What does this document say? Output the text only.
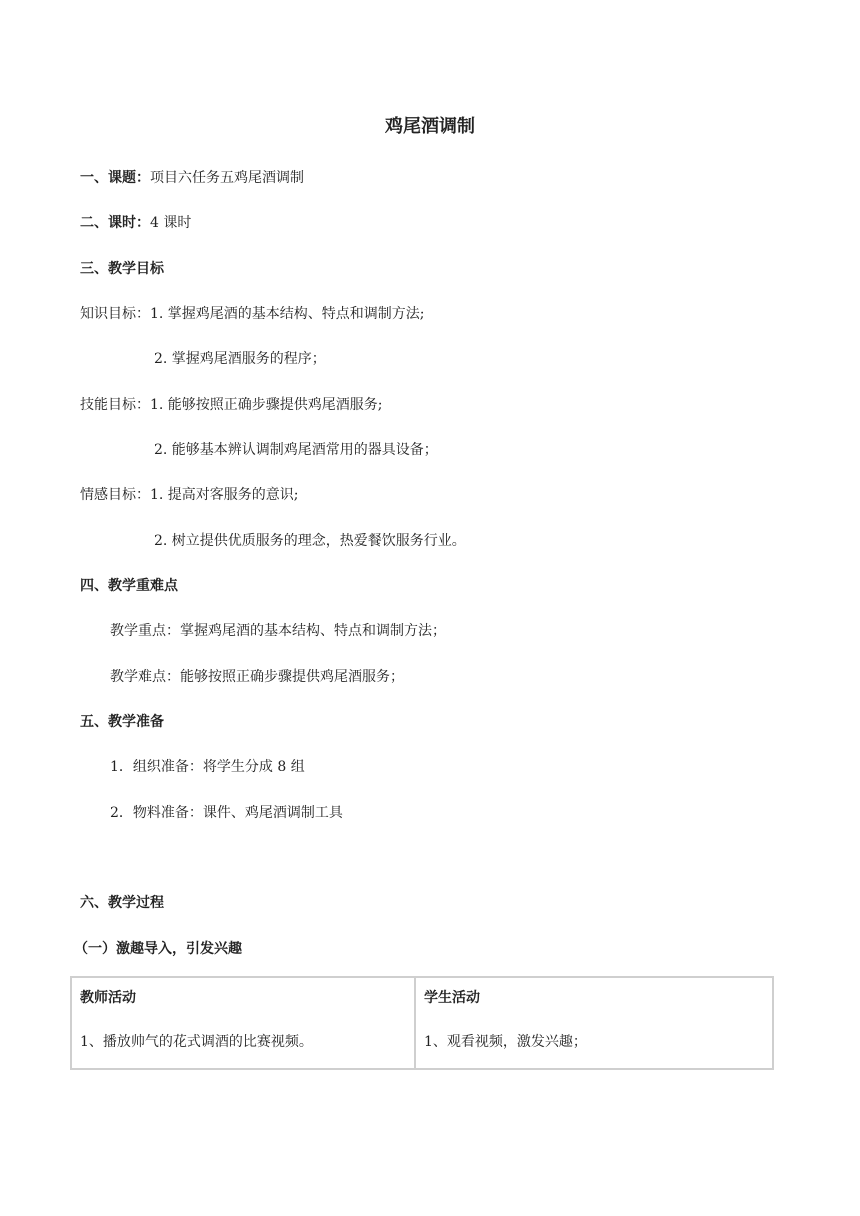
鸡尾酒调制
一、课题：项目六任务五鸡尾酒调制
二、课时：4 课时
三、教学目标
知识目标：1. 掌握鸡尾酒的基本结构、特点和调制方法;
2. 掌握鸡尾酒服务的程序；
技能目标：1. 能够按照正确步骤提供鸡尾酒服务;
2. 能够基本辨认调制鸡尾酒常用的器具设备；
情感目标：1. 提高对客服务的意识;
2. 树立提供优质服务的理念，热爱餐饮服务行业。
四、教学重难点
教学重点：掌握鸡尾酒的基本结构、特点和调制方法；
教学难点：能够按照正确步骤提供鸡尾酒服务；
五、教学准备
1．组织准备：将学生分成 8 组
2．物料准备：课件、鸡尾酒调制工具
六、教学过程
（一）激趣导入，引发兴趣
教师活动
1、播放帅气的花式调酒的比赛视频。
学生活动
1、观看视频，激发兴趣；
